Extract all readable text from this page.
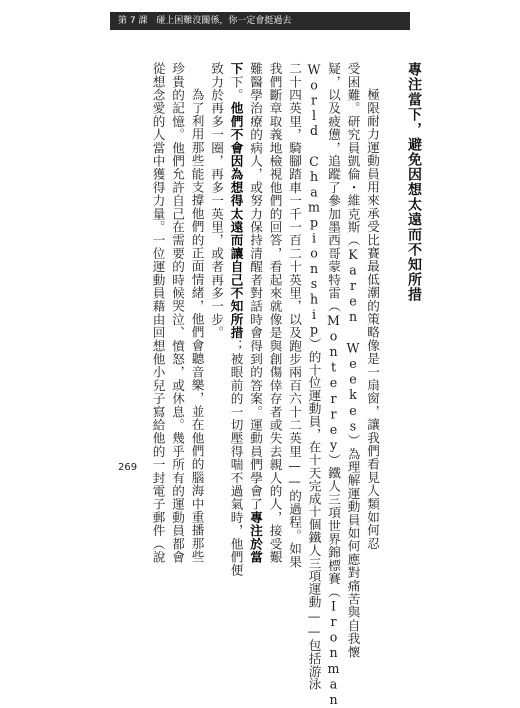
第 7 課 碰上困難沒關係，你一定會挺過去
專注當下，避免因想太遠而不知所措
極限耐力運動員用來承受比賽最低潮的策略像是一扇窗，讓我們看見人類如何忍
受困難。研究員凱倫・維克斯（Karen Weekes）為理解運動員如何應對痛苦與自我懷
疑，以及疲憊，追蹤了參加墨西哥蒙特雷（Monterrey）鐵人三項世界錦標賽（Ironman
World Championship）的十位運動員，在十天完成十個鐵人三項運動——包括游泳
二十四英里，騎腳踏車一千一百二十英里，以及跑步兩百六十二英里——的過程。如果
我們斷章取義地檢視他們的回答，看起來就像是與創傷倖存者或失去親人的人，接受艱
難醫學治療的病人，或努力保持清醒者對話時會得到的答案。運動員們學會了專注於當
下下。他們不會因為想得太遠而讓自己不知所措；被眼前的一切壓得喘不過氣時，他們便
致力於再多一圈，再多一英里，或者再多一步。
為了利用那些能支撐他們的正面情緒，他們會聽音樂，並在他們的腦海中重播那些
珍貴的記憶。他們允許自己在需要的時候哭泣、憤怒，或休息。幾乎所有的運動員都會
從想念愛的人當中獲得力量。一位運動員藉由回想他小兒子寫給他的一封電子郵件（說
269
